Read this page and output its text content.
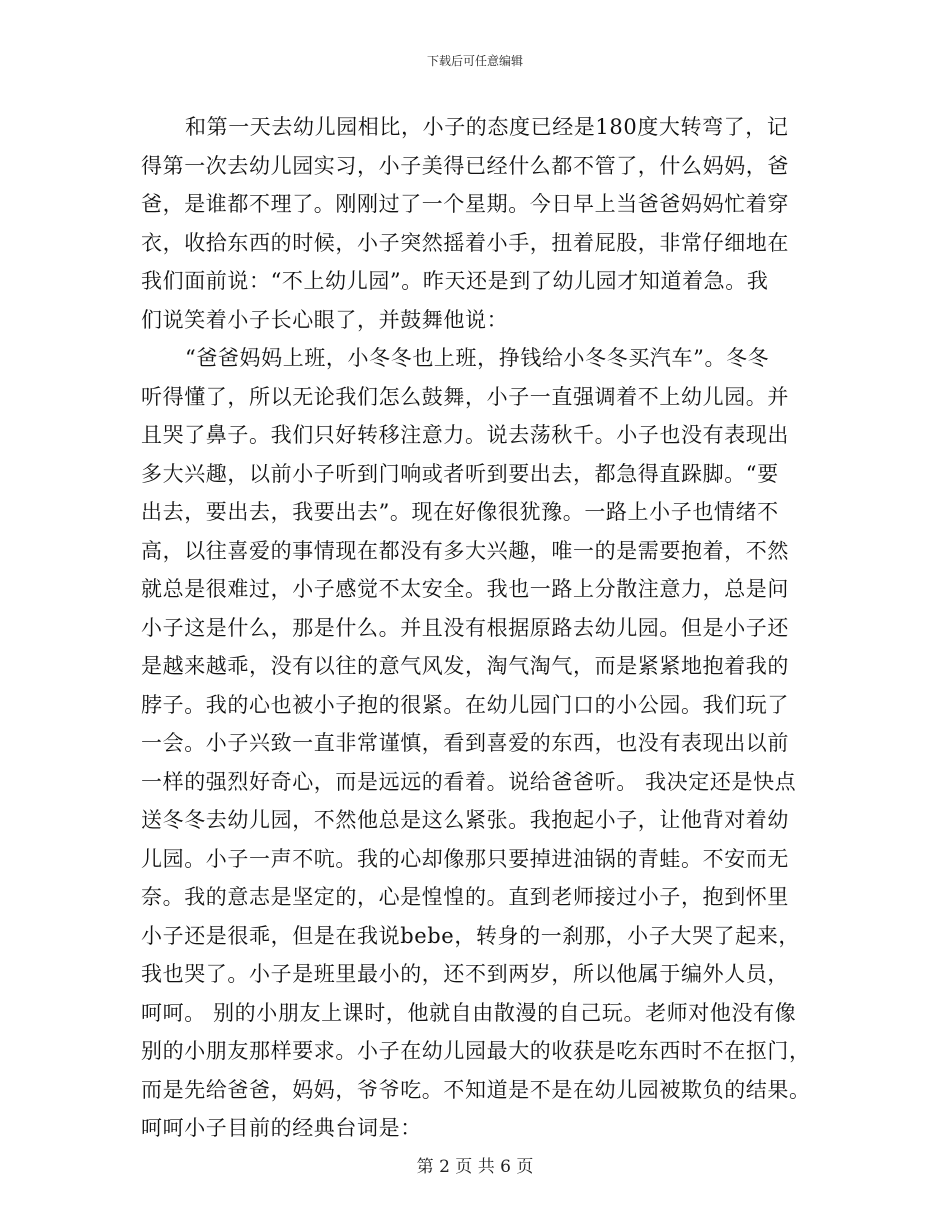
下载后可任意编辑
和第一天去幼儿园相比，小子的态度已经是180度大转弯了，记
得第一次去幼儿园实习，小子美得已经什么都不管了，什么妈妈，爸
爸，是谁都不理了。刚刚过了一个星期。今日早上当爸爸妈妈忙着穿
衣，收拾东西的时候，小子突然摇着小手，扭着屁股，非常仔细地在
我们面前说：“不上幼儿园”。昨天还是到了幼儿园才知道着急。我
们说笑着小子长心眼了，并鼓舞他说：
“爸爸妈妈上班，小冬冬也上班，挣钱给小冬冬买汽车”。冬冬
听得懂了，所以无论我们怎么鼓舞，小子一直强调着不上幼儿园。并
且哭了鼻子。我们只好转移注意力。说去荡秋千。小子也没有表现出
多大兴趣，以前小子听到门响或者听到要出去，都急得直跺脚。“要
出去，要出去，我要出去”。现在好像很犹豫。一路上小子也情绪不
高，以往喜爱的事情现在都没有多大兴趣，唯一的是需要抱着，不然
就总是很难过，小子感觉不太安全。我也一路上分散注意力，总是问
小子这是什么，那是什么。并且没有根据原路去幼儿园。但是小子还
是越来越乖，没有以往的意气风发，淘气淘气，而是紧紧地抱着我的
脖子。我的心也被小子抱的很紧。在幼儿园门口的小公园。我们玩了
一会。小子兴致一直非常谨慎，看到喜爱的东西，也没有表现出以前
一样的强烈好奇心，而是远远的看着。说给爸爸听。 我决定还是快点
送冬冬去幼儿园，不然他总是这么紧张。我抱起小子，让他背对着幼
儿园。小子一声不吭。我的心却像那只要掉进油锅的青蛙。不安而无
奈。我的意志是坚定的，心是惶惶的。直到老师接过小子，抱到怀里
小子还是很乖，但是在我说bebe，转身的一刹那，小子大哭了起来，
我也哭了。小子是班里最小的，还不到两岁，所以他属于编外人员，
呵呵。 别的小朋友上课时，他就自由散漫的自己玩。老师对他没有像
别的小朋友那样要求。小子在幼儿园最大的收获是吃东西时不在抠门，
而是先给爸爸，妈妈，爷爷吃。不知道是不是在幼儿园被欺负的结果。
呵呵小子目前的经典台词是：
第 2 页 共 6 页
